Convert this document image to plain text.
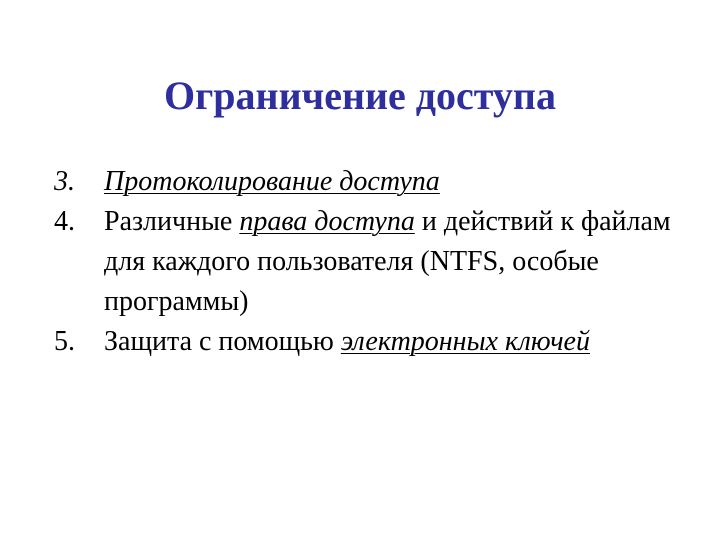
Ограничение доступа
3.	Протоколирование доступа
4.	Различные права доступа и действий к файлам для каждого пользователя (NTFS, особые программы)
5.	Защита с помощью электронных ключей
